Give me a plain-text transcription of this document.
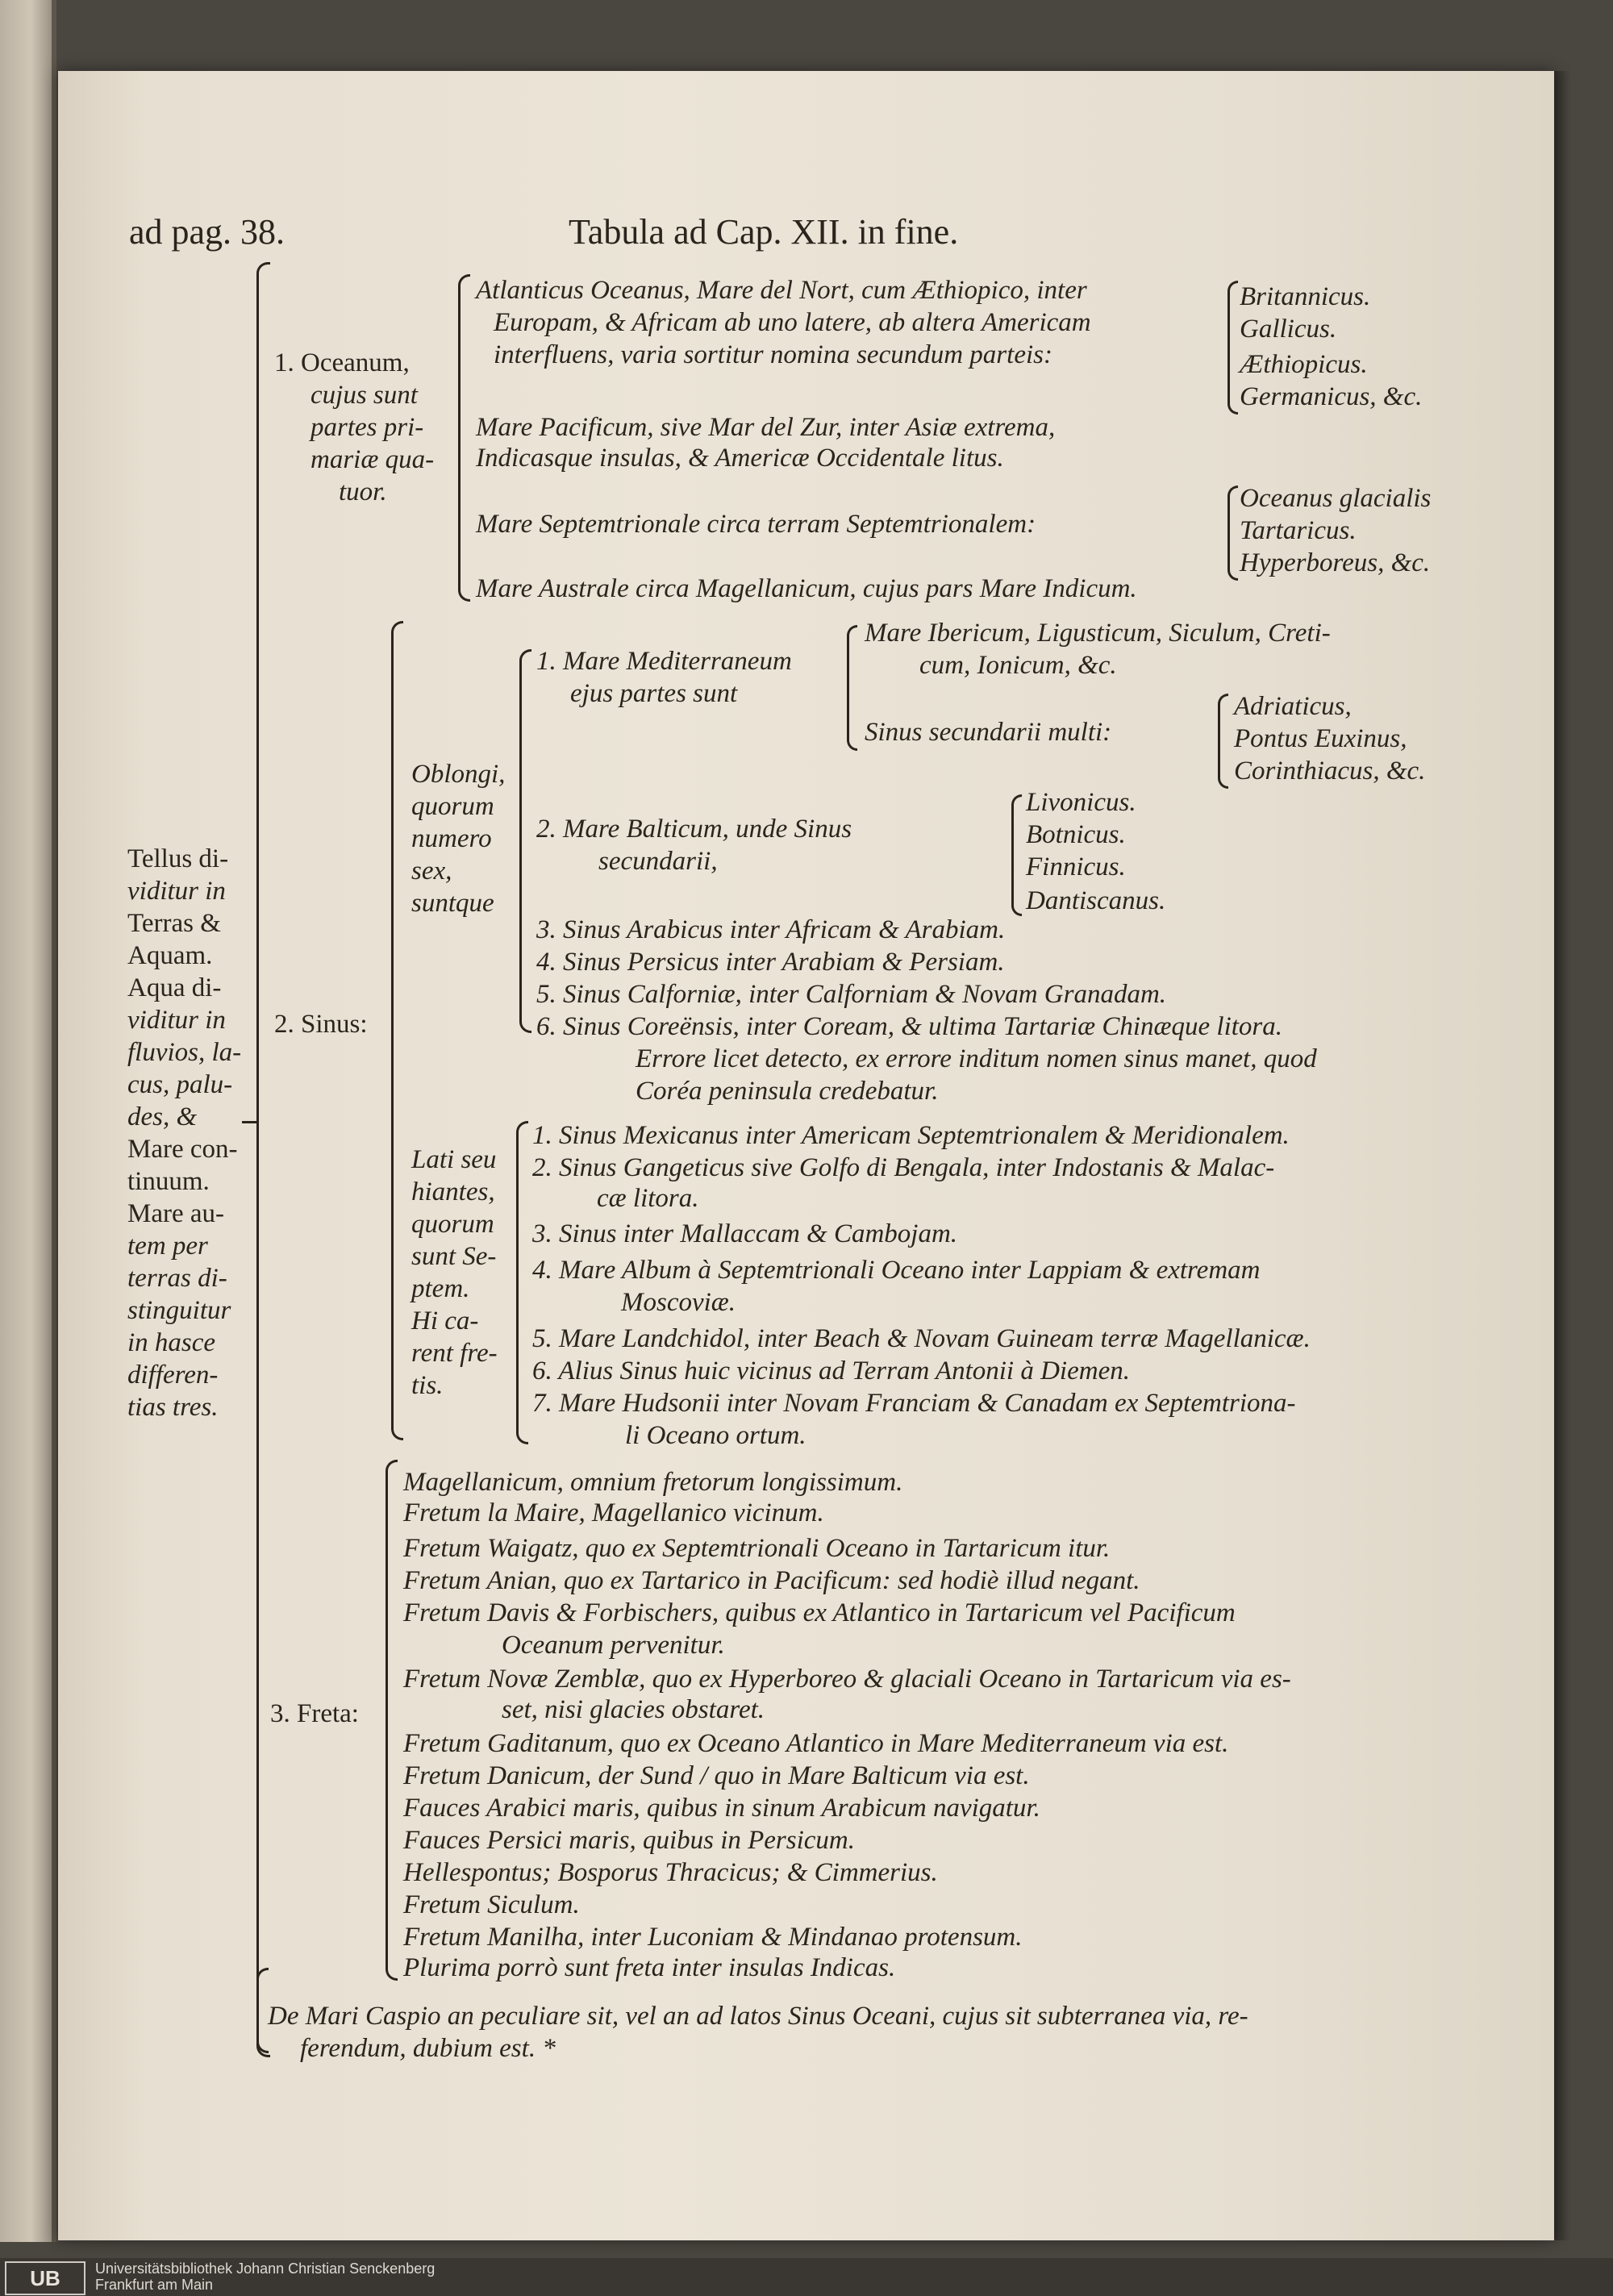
ad pag. 38.	Tabula ad Cap. XII. in fine.
Tellus di-
viditur in
Terras &
Aquam.
Aqua di-
viditur in
fluvios, la-
cus, palu-
des, &
Mare con-
tinuum.
Mare au-
tem per
terras di-
stinguitur
in hasce
differen-
tias tres.
1. Oceanum,
cujus sunt
partes pri-
mariæ qua-
tuor.
Atlanticus Oceanus, Mare del Nort, cum Æthiopico, inter
Europam, & Africam ab uno latere, ab altera Americam
interfluens, varia sortitur nomina secundum parteis:
Britannicus.
Gallicus.
Æthiopicus.
Germanicus, &c.
Mare Pacificum, sive Mar del Zur, inter Asiæ extrema,
Indicasque insulas, & Americæ Occidentale litus.
Mare Septemtrionale circa terram Septemtrionalem:
Oceanus glacialis
Tartaricus.
Hyperboreus, &c.
Mare Australe circa Magellanicum, cujus pars Mare Indicum.
2. Sinus:
Oblongi,
quorum
numero
sex,
suntque
1. Mare Mediterraneum
ejus partes sunt
Mare Ibericum, Ligusticum, Siculum, Creti-
cum, Ionicum, &c.
Sinus secundarii multi:
Adriaticus,
Pontus Euxinus,
Corinthiacus, &c.
2. Mare Balticum, unde Sinus
secundarii,
Livonicus.
Botnicus.
Finnicus.
Dantiscanus.
3. Sinus Arabicus inter Africam & Arabiam.
4. Sinus Persicus inter Arabiam & Persiam.
5. Sinus Calforniæ, inter Calforniam & Novam Granadam.
6. Sinus Coreënsis, inter Coream, & ultima Tartariæ Chinæque litora.
Errore licet detecto, ex errore inditum nomen sinus manet, quod
Coréa peninsula credebatur.
Lati seu
hiantes,
quorum
sunt Se-
ptem.
Hi ca-
rent fre-
tis.
1. Sinus Mexicanus inter Americam Septemtrionalem & Meridionalem.
2. Sinus Gangeticus sive Golfo di Bengala, inter Indostanis & Malac-
cæ litora.
3. Sinus inter Mallaccam & Cambojam.
4. Mare Album à Septemtrionali Oceano inter Lappiam & extremam
Moscoviæ.
5. Mare Landchidol, inter Beach & Novam Guineam terræ Magellanicæ.
6. Alius Sinus huic vicinus ad Terram Antonii à Diemen.
7. Mare Hudsonii inter Novam Franciam & Canadam ex Septemtriona-
li Oceano ortum.
3. Freta:
Magellanicum, omnium fretorum longissimum.
Fretum la Maire, Magellanico vicinum.
Fretum Waigatz, quo ex Septemtrionali Oceano in Tartaricum itur.
Fretum Anian, quo ex Tartarico in Pacificum: sed hodiè illud negant.
Fretum Davis & Forbischers, quibus ex Atlantico in Tartaricum vel Pacificum
Oceanum pervenitur.
Fretum Novæ Zemblæ, quo ex Hyperboreo & glaciali Oceano in Tartaricum via es-
set, nisi glacies obstaret.
Fretum Gaditanum, quo ex Oceano Atlantico in Mare Mediterraneum via est.
Fretum Danicum, der Sund / quo in Mare Balticum via est.
Fauces Arabici maris, quibus in sinum Arabicum navigatur.
Fauces Persici maris, quibus in Persicum.
Hellespontus; Bosporus Thracicus; & Cimmerius.
Fretum Siculum.
Fretum Manilha, inter Luconiam & Mindanao protensum.
Plurima porrò sunt freta inter insulas Indicas.
De Mari Caspio an peculiare sit, vel an ad latos Sinus Oceani, cujus sit subterranea via, re-
ferendum, dubium est. *
UB	Universitätsbibliothek Johann Christian Senckenberg
Frankfurt am Main
